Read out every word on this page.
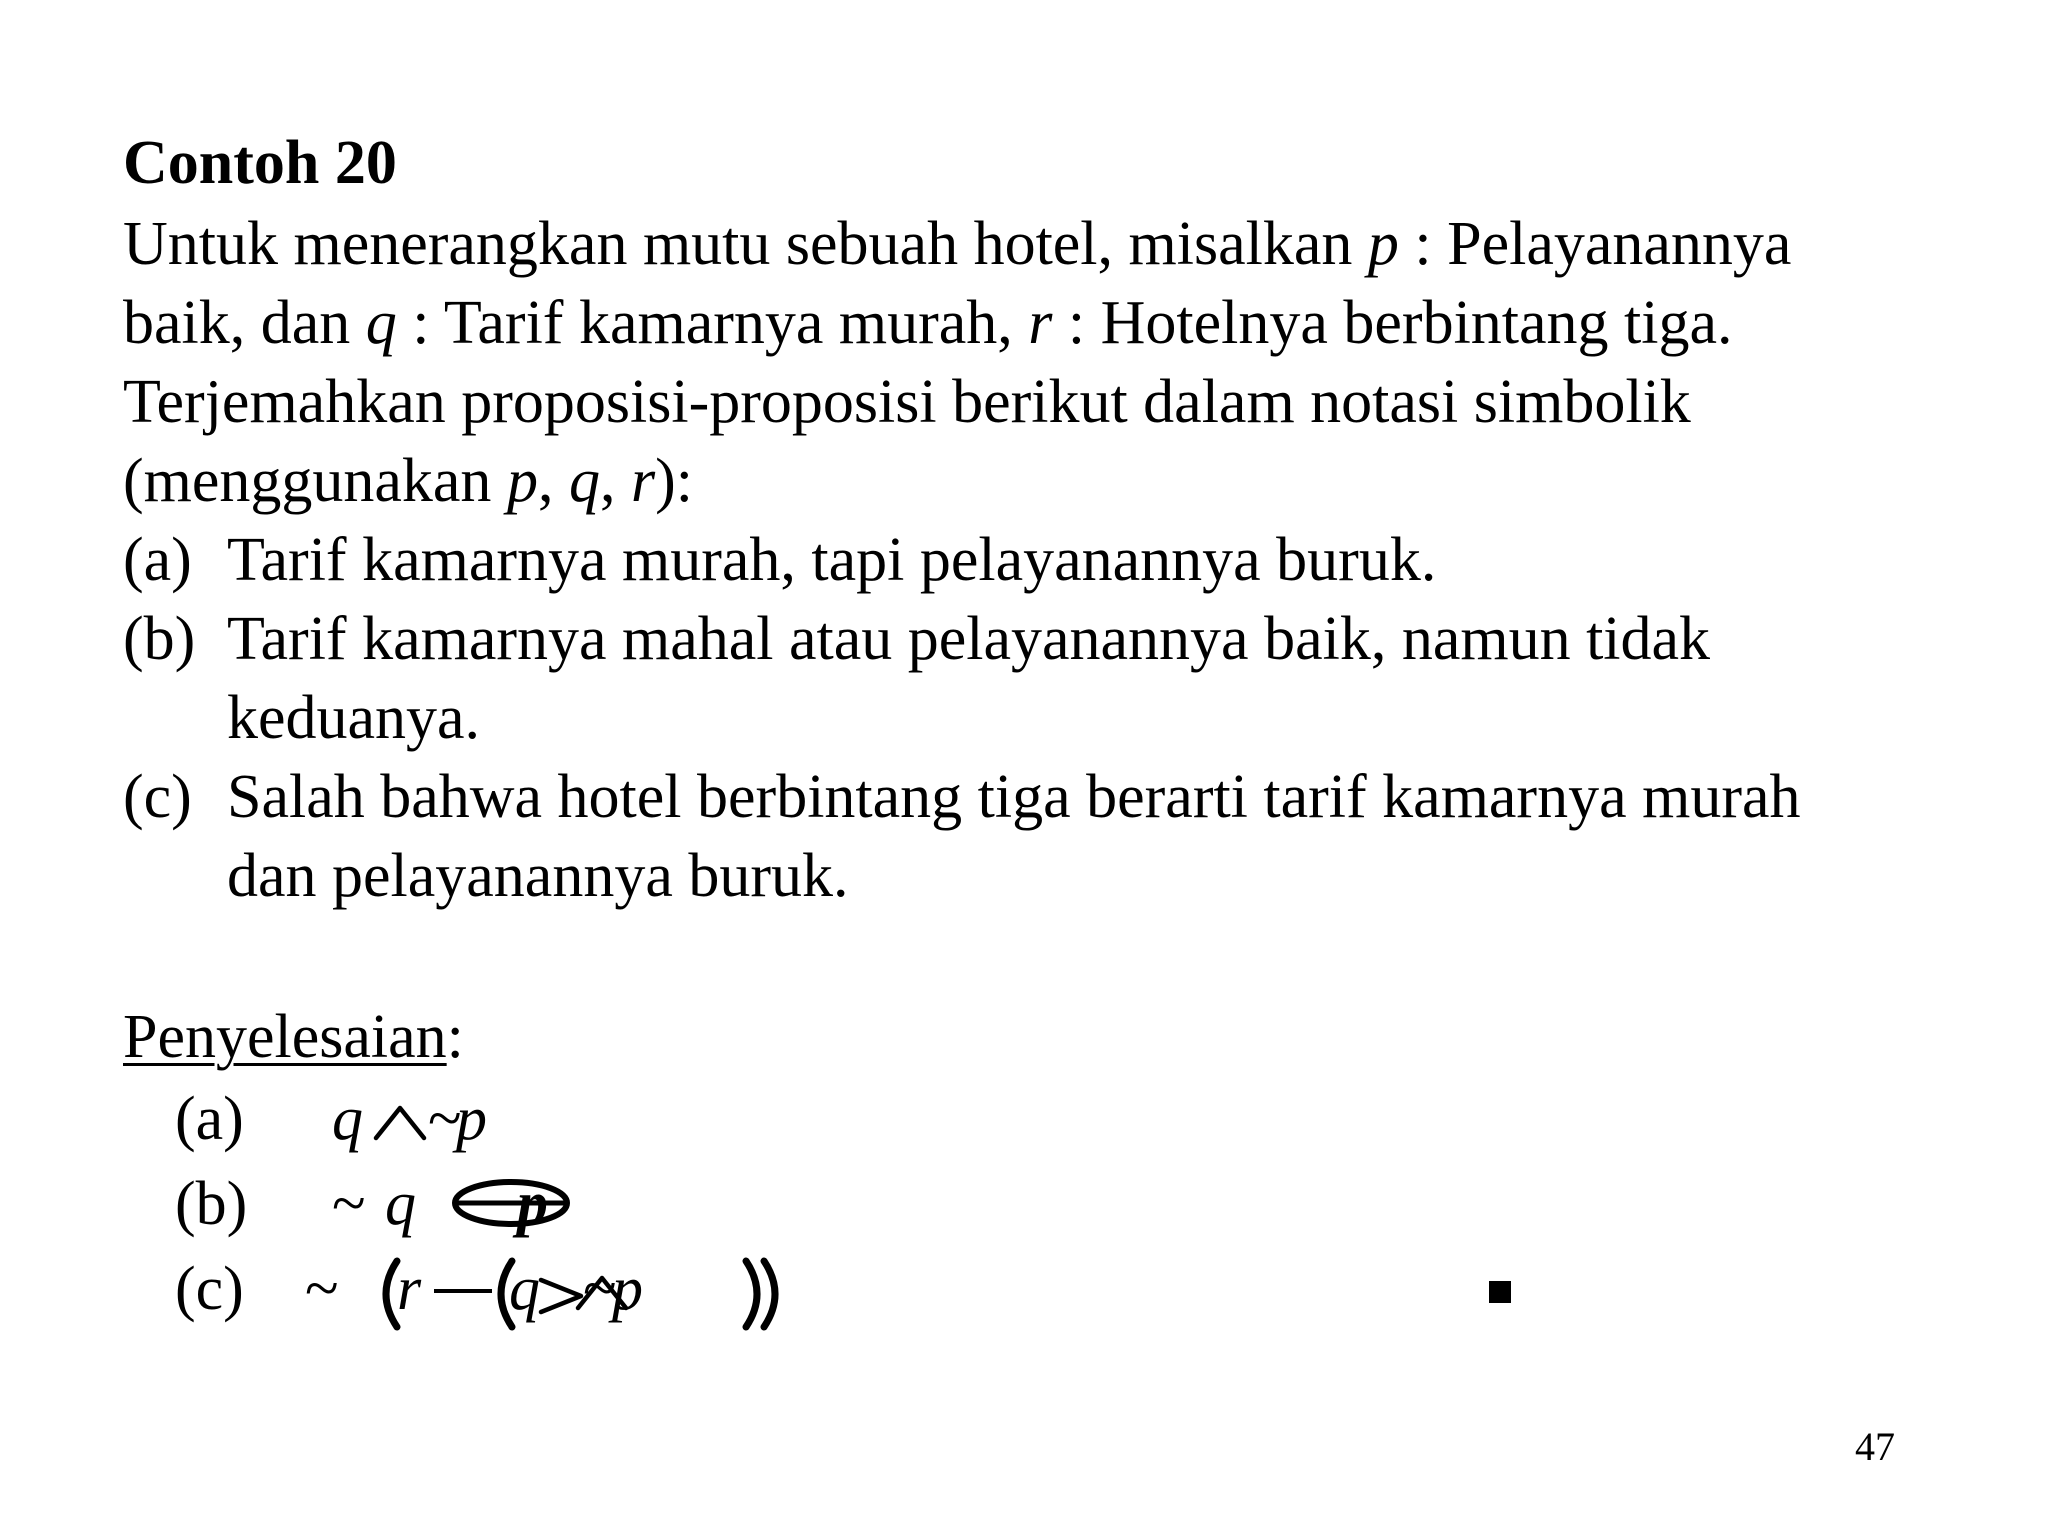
Contoh 20
Untuk menerangkan mutu sebuah hotel, misalkan p : Pelayanannya
baik, dan q : Tarif kamarnya murah, r : Hotelnya berbintang tiga.
Terjemahkan proposisi-proposisi berikut dalam notasi simbolik
(menggunakan p, q, r):
(a) Tarif kamarnya murah, tapi pelayanannya buruk.
(b) Tarif kamarnya mahal atau pelayanannya baik, namun tidak
keduanya.
(c) Salah bahwa hotel berbintang tiga berarti tarif kamarnya murah
dan pelayanannya buruk.
Penyelesaian:
(a) q ~
p
(b) ~ q p
(c) ~ r q ~
p
47
